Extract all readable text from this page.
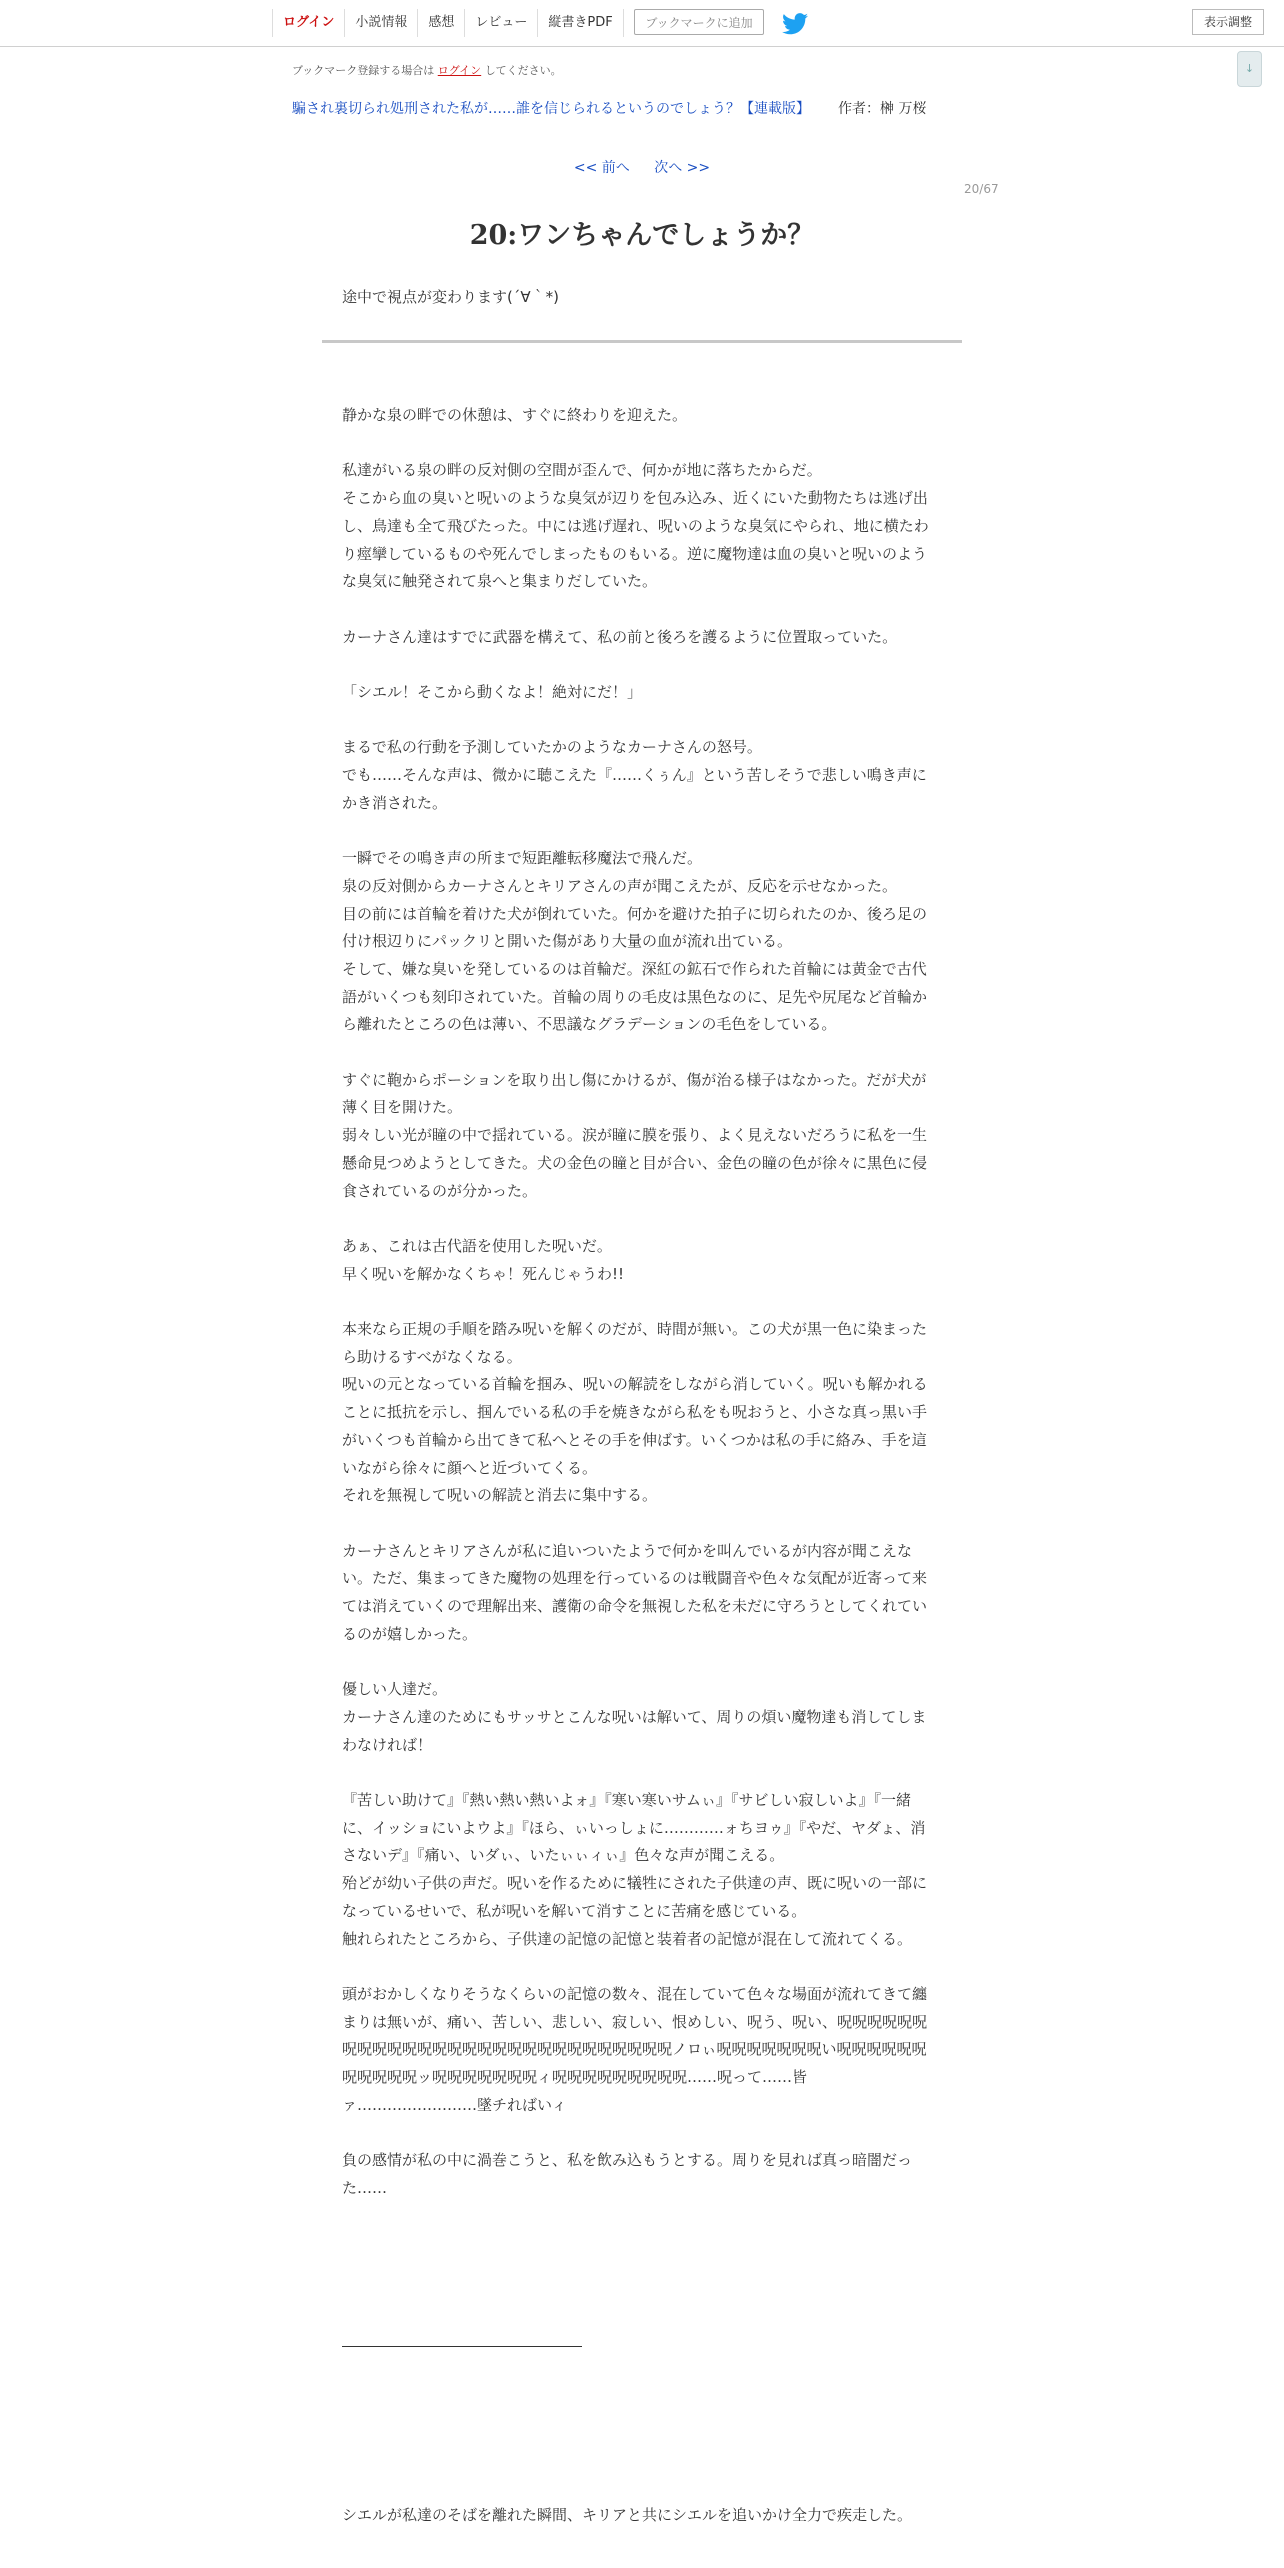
ログイン	小説情報	感想	レビュー	縦書きPDF	ブックマークに追加	表示調整
↓
ブックマーク登録する場合は ログイン してください。
騙され裏切られ処刑された私が……誰を信じられるというのでしょう？【連載版】 作者：榊 万桜
<< 前へ 次へ >>
20/67
20:ワンちゃんでしょうか？
途中で視点が変わります(´∀｀*)

静かな泉の畔での休憩は、すぐに終わりを迎えた。

私達がいる泉の畔の反対側の空間が歪んで、何かが地に落ちたからだ。

そこから血の臭いと呪いのような臭気が辺りを包み込み、近くにいた動物たちは逃げ出し、鳥達も全て飛びたった。中には逃げ遅れ、呪いのような臭気にやられ、地に横たわり痙攣しているものや死んでしまったものもいる。逆に魔物達は血の臭いと呪いのような臭気に触発されて泉へと集まりだしていた。

カーナさん達はすでに武器を構えて、私の前と後ろを護るように位置取っていた。

「シエル！そこから動くなよ！絶対にだ！」

まるで私の行動を予測していたかのようなカーナさんの怒号。

でも……そんな声は、微かに聴こえた『……くぅん』という苦しそうで悲しい鳴き声にかき消された。

一瞬でその鳴き声の所まで短距離転移魔法で飛んだ。

泉の反対側からカーナさんとキリアさんの声が聞こえたが、反応を示せなかった。

目の前には首輪を着けた犬が倒れていた。何かを避けた拍子に切られたのか、後ろ足の付け根辺りにパックリと開いた傷があり大量の血が流れ出ている。

そして、嫌な臭いを発しているのは首輪だ。深紅の鉱石で作られた首輪には黄金で古代語がいくつも刻印されていた。首輪の周りの毛皮は黒色なのに、足先や尻尾など首輪から離れたところの色は薄い、不思議なグラデーションの毛色をしている。

すぐに鞄からポーションを取り出し傷にかけるが、傷が治る様子はなかった。だが犬が薄く目を開けた。

弱々しい光が瞳の中で揺れている。涙が瞳に膜を張り、よく見えないだろうに私を一生懸命見つめようとしてきた。犬の金色の瞳と目が合い、金色の瞳の色が徐々に黒色に侵食されているのが分かった。

あぁ、これは古代語を使用した呪いだ。

早く呪いを解かなくちゃ！死んじゃうわ!!

本来なら正規の手順を踏み呪いを解くのだが、時間が無い。この犬が黒一色に染まったら助けるすべがなくなる。

呪いの元となっている首輪を掴み、呪いの解読をしながら消していく。呪いも解かれることに抵抗を示し、掴んでいる私の手を焼きながら私をも呪おうと、小さな真っ黒い手がいくつも首輪から出てきて私へとその手を伸ばす。いくつかは私の手に絡み、手を這いながら徐々に顔へと近づいてくる。

それを無視して呪いの解読と消去に集中する。

カーナさんとキリアさんが私に追いついたようで何かを叫んでいるが内容が聞こえない。ただ、集まってきた魔物の処理を行っているのは戦闘音や色々な気配が近寄って来ては消えていくので理解出来、護衛の命令を無視した私を未だに守ろうとしてくれているのが嬉しかった。

優しい人達だ。

カーナさん達のためにもサッサとこんな呪いは解いて、周りの煩い魔物達も消してしまわなければ！

『苦しい助けて』『熱い熱い熱いよォ』『寒い寒いサムぃ』『サビしい寂しいよ』『一緒に、イッショにいよウよ』『ほら、ぃいっしょに…………ォちヨゥ』『やだ、ヤダょ、消さないデ』『痛い、いダぃ、いたぃぃィぃ』色々な声が聞こえる。

殆どが幼い子供の声だ。呪いを作るために犠牲にされた子供達の声、既に呪いの一部になっているせいで、私が呪いを解いて消すことに苦痛を感じている。

触れられたところから、子供達の記憶の記憶と装着者の記憶が混在して流れてくる。

頭がおかしくなりそうなくらいの記憶の数々、混在していて色々な場面が流れてきて纏まりは無いが、痛い、苦しい、悲しい、寂しい、恨めしい、呪う、呪い、呪呪呪呪呪呪呪呪呪呪呪呪呪呪呪呪呪呪呪呪呪呪呪呪呪呪呪呪ノロぃ呪呪呪呪呪呪呪い呪呪呪呪呪呪呪呪呪呪呪ッ呪呪呪呪呪呪呪ィ呪呪呪呪呪呪呪呪呪……呪って……皆ァ……………………墜チればいィ

負の感情が私の中に渦巻こうと、私を飲み込もうとする。周りを見れば真っ暗闇だった……

シエルが私達のそばを離れた瞬間、キリアと共にシエルを追いかけ全力で疾走した。
